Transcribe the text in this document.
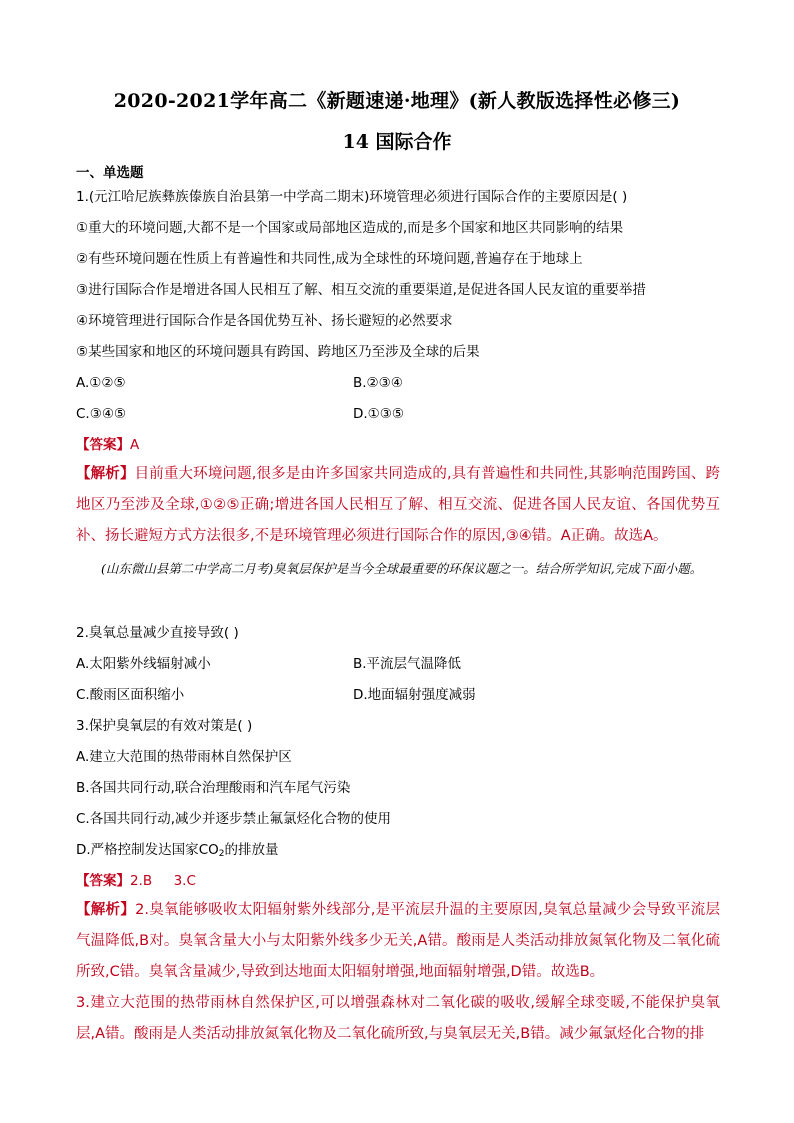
2020-2021学年高二《新题速递·地理》(新人教版选择性必修三)
14 国际合作
一、单选题
1.(元江哈尼族彝族傣族自治县第一中学高二期末)环境管理必须进行国际合作的主要原因是( )
①重大的环境问题,大都不是一个国家或局部地区造成的,而是多个国家和地区共同影响的结果
②有些环境问题在性质上有普遍性和共同性,成为全球性的环境问题,普遍存在于地球上
③进行国际合作是增进各国人民相互了解、相互交流的重要渠道,是促进各国人民友谊的重要举措
④环境管理进行国际合作是各国优势互补、扬长避短的必然要求
⑤某些国家和地区的环境问题具有跨国、跨地区乃至涉及全球的后果
A.①②⑤	B.②③④
C.③④⑤	D.①③⑤
【答案】A
【解析】目前重大环境问题,很多是由许多国家共同造成的,具有普遍性和共同性,其影响范围跨国、跨地区乃至涉及全球,①②⑤正确;增进各国人民相互了解、相互交流、促进各国人民友谊、各国优势互补、扬长避短方式方法很多,不是环境管理必须进行国际合作的原因,③④错。A正确。故选A。
(山东微山县第二中学高二月考)臭氧层保护是当今全球最重要的环保议题之一。结合所学知识,完成下面小题。
2.臭氧总量减少直接导致( )
A.太阳紫外线辐射减小	B.平流层气温降低
C.酸雨区面积缩小	D.地面辐射强度减弱
3.保护臭氧层的有效对策是( )
A.建立大范围的热带雨林自然保护区
B.各国共同行动,联合治理酸雨和汽车尾气污染
C.各国共同行动,减少并逐步禁止氟氯烃化合物的使用
D.严格控制发达国家$CO_2$的排放量
【答案】2.B     3.C
【解析】2.臭氧能够吸收太阳辐射紫外线部分,是平流层升温的主要原因,臭氧总量减少会导致平流层气温降低,B对。臭氧含量大小与太阳紫外线多少无关,A错。酸雨是人类活动排放氮氧化物及二氧化硫所致,C错。臭氧含量减少,导致到达地面太阳辐射增强,地面辐射增强,D错。故选B。
3.建立大范围的热带雨林自然保护区,可以增强森林对二氧化碳的吸收,缓解全球变暖,不能保护臭氧层,A错。酸雨是人类活动排放氮氧化物及二氧化硫所致,与臭氧层无关,B错。减少氟氯烃化合物的排
